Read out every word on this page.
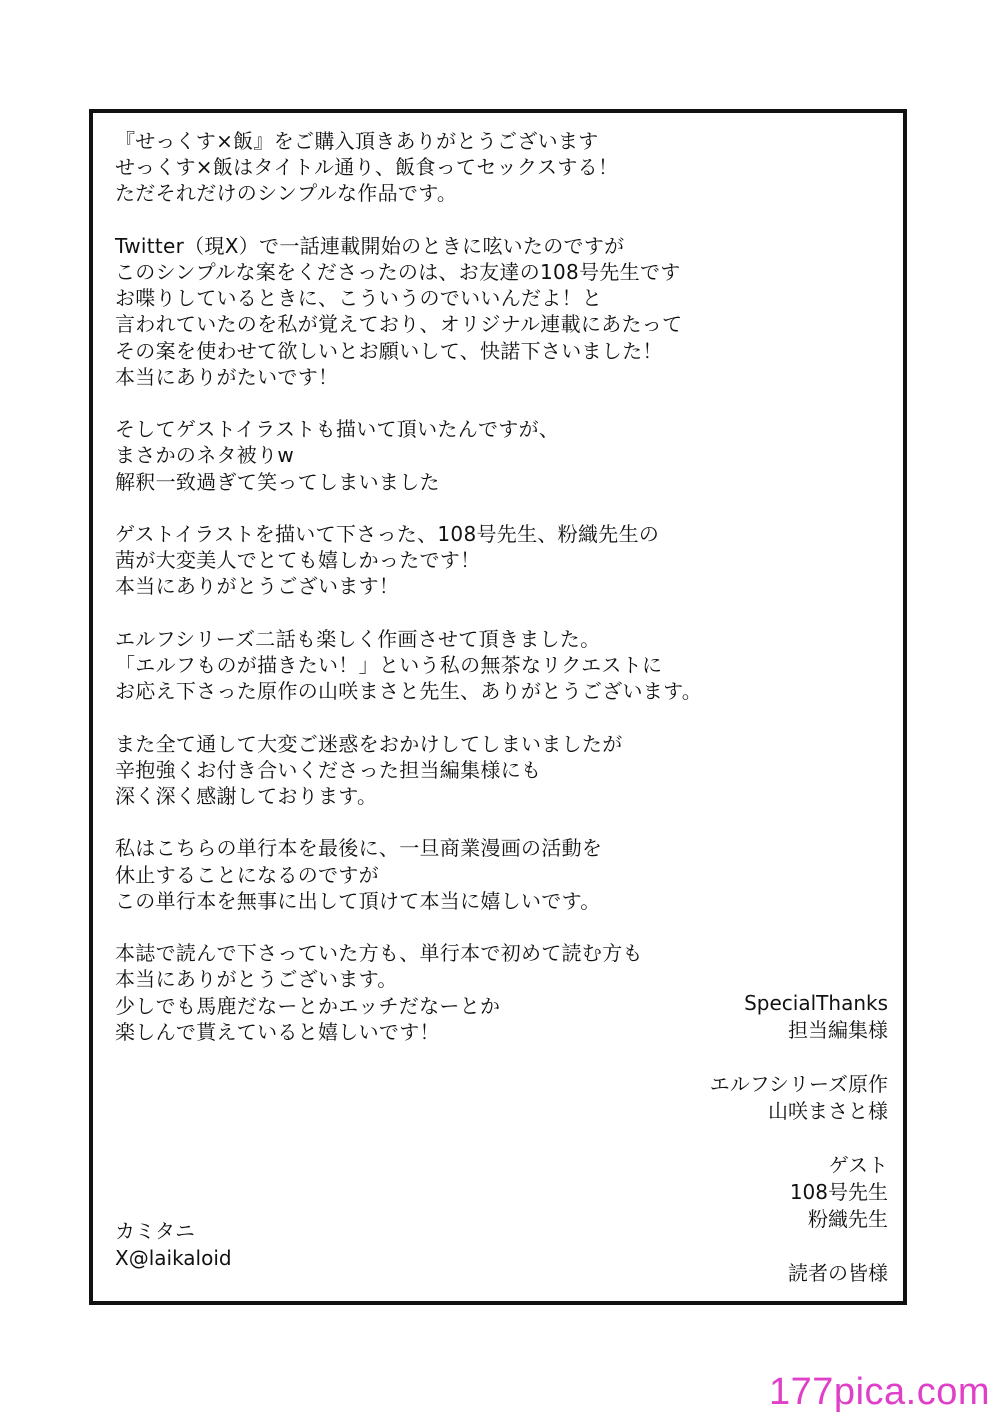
『せっくす×飯』をご購入頂きありがとうございます
せっくす×飯はタイトル通り、飯食ってセックスする！
ただそれだけのシンプルな作品です。
Twitter（現X）で一話連載開始のときに呟いたのですが
このシンプルな案をくださったのは、お友達の108号先生です
お喋りしているときに、こういうのでいいんだよ！と
言われていたのを私が覚えており、オリジナル連載にあたって
その案を使わせて欲しいとお願いして、快諾下さいました！
本当にありがたいです！
そしてゲストイラストも描いて頂いたんですが、
まさかのネタ被りw
解釈一致過ぎて笑ってしまいました
ゲストイラストを描いて下さった、108号先生、粉織先生の
茜が大変美人でとても嬉しかったです！
本当にありがとうございます！
エルフシリーズ二話も楽しく作画させて頂きました。
「エルフものが描きたい！」という私の無茶なリクエストに
お応え下さった原作の山咲まさと先生、ありがとうございます。
また全て通して大変ご迷惑をおかけしてしまいましたが
辛抱強くお付き合いくださった担当編集様にも
深く深く感謝しております。
私はこちらの単行本を最後に、一旦商業漫画の活動を
休止することになるのですが
この単行本を無事に出して頂けて本当に嬉しいです。
本誌で読んで下さっていた方も、単行本で初めて読む方も
本当にありがとうございます。
少しでも馬鹿だなーとかエッチだなーとか
楽しんで貰えていると嬉しいです！
SpecialThanks
担当編集様
エルフシリーズ原作
山咲まさと様
ゲスト
108号先生
粉織先生
読者の皆様
カミタニ
X@laikaloid
177pica.com
